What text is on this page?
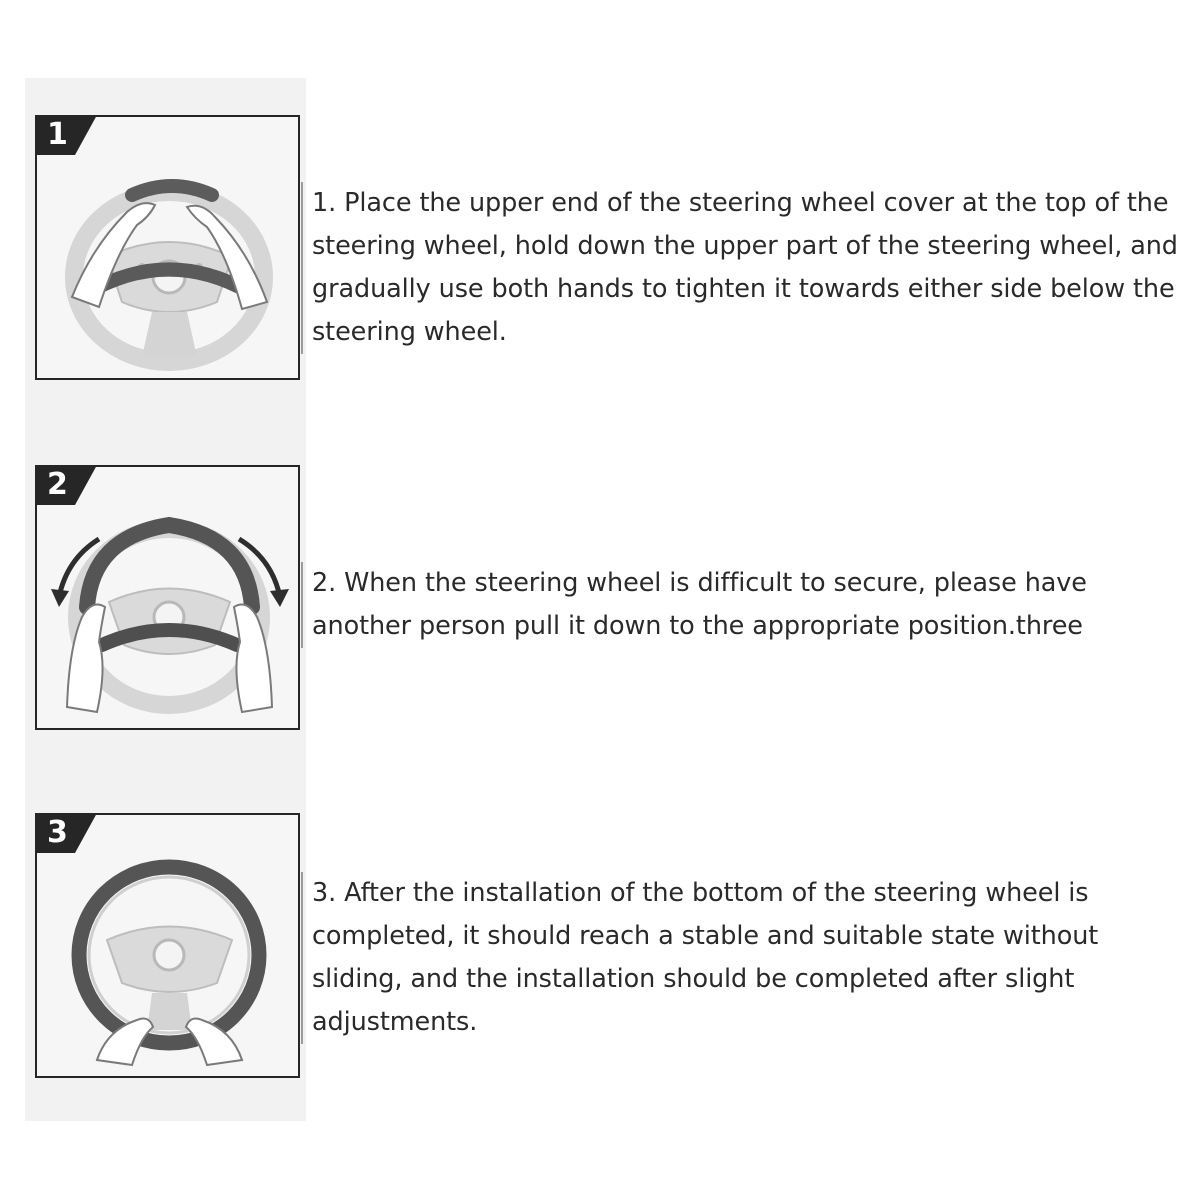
1

1. Place the upper end of the steering wheel cover at the top of the steering wheel, hold down the upper part of the steering wheel, and gradually use both hands to tighten it towards either side below the steering wheel.

2

2. When the steering wheel is difficult to secure, please have another person pull it down to the appropriate position.three

3

3. After the installation of the bottom of the steering wheel is completed, it should reach a stable and suitable state without sliding, and the installation should be completed after slight adjustments.
